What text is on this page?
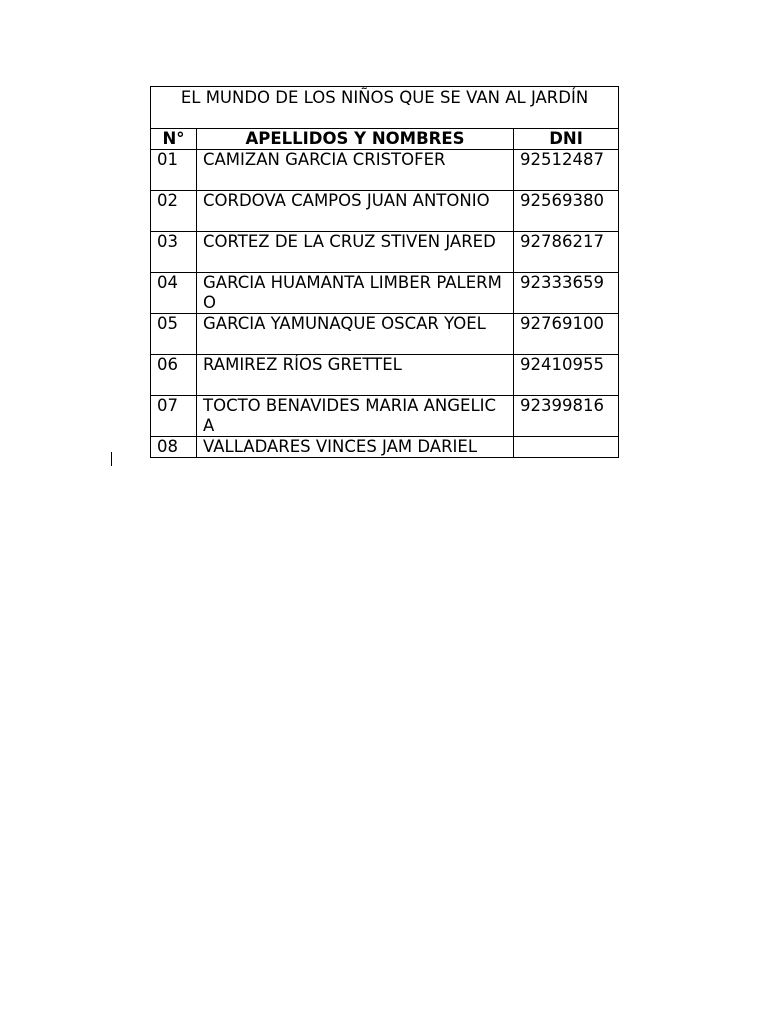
EL MUNDO DE LOS NIÑOS QUE SE VAN AL JARDÍN		
N°	APELLIDOS Y NOMBRES	DNI
01	CAMIZAN GARCIA CRISTOFER	92512487
02	CORDOVA CAMPOS JUAN ANTONIO	92569380
03	CORTEZ DE LA CRUZ STIVEN JARED	92786217
04	GARCIA HUAMANTA LIMBER PALERMO	92333659
05	GARCIA YAMUNAQUE OSCAR YOEL	92769100
06	RAMIREZ RÍOS GRETTEL	92410955
07	TOCTO BENAVIDES MARIA ANGELICA	92399816
08	VALLADARES VINCES JAM DARIEL	
